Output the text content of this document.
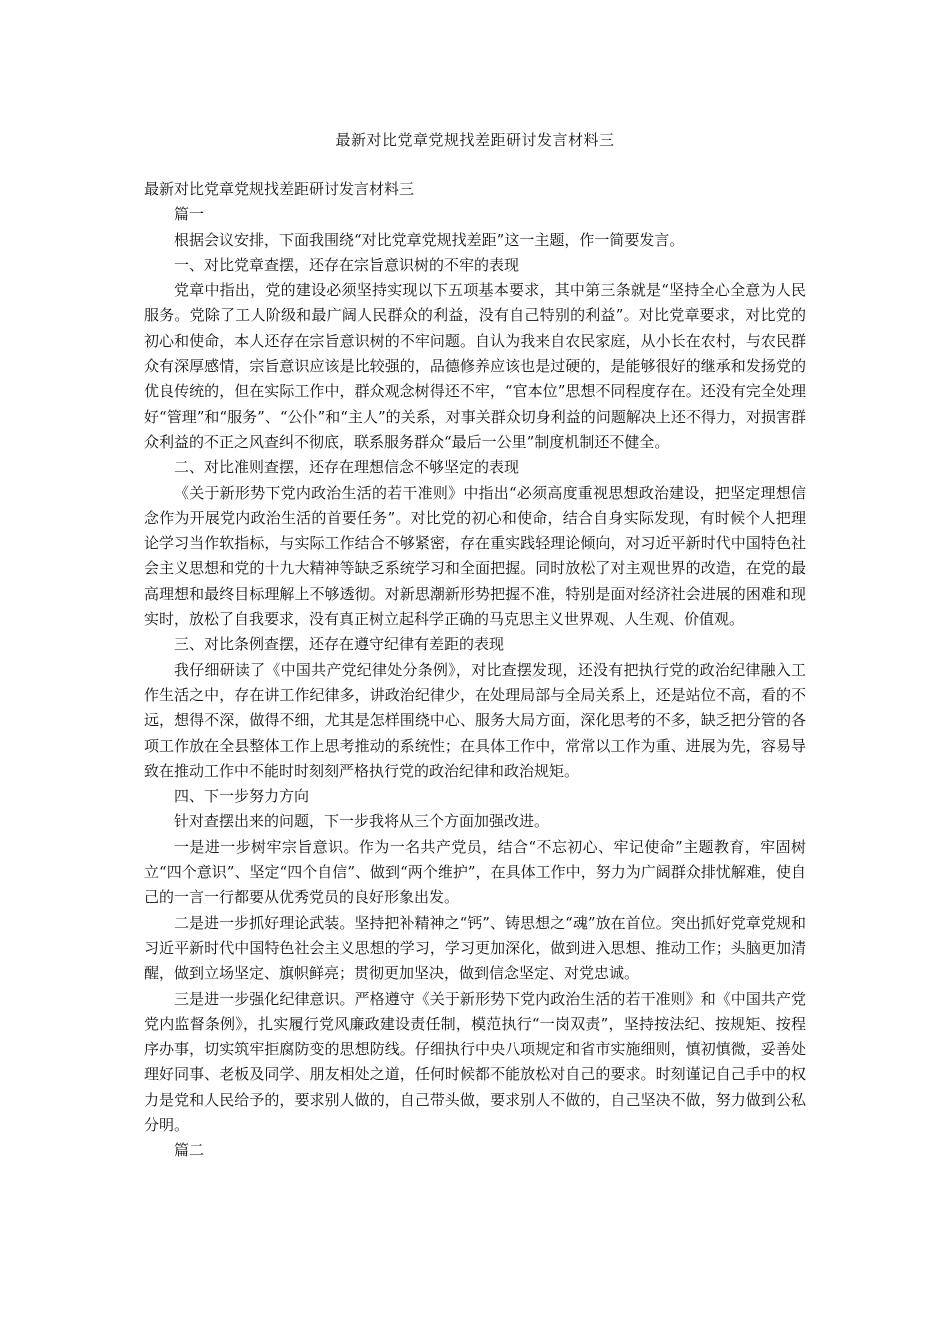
最新对比党章党规找差距研讨发言材料三

最新对比党章党规找差距研讨发言材料三

篇一

根据会议安排，下面我围绕“对比党章党规找差距”这一主题，作一简要发言。

一、对比党章查摆，还存在宗旨意识树的不牢的表现

党章中指出，党的建设必须坚持实现以下五项基本要求，其中第三条就是“坚持全心全意为人民服务。党除了工人阶级和最广阔人民群众的利益，没有自己特别的利益”。对比党章要求，对比党的初心和使命，本人还存在宗旨意识树的不牢问题。自认为我来自农民家庭，从小长在农村，与农民群众有深厚感情，宗旨意识应该是比较强的，品德修养应该也是过硬的，是能够很好的继承和发扬党的优良传统的，但在实际工作中，群众观念树得还不牢，“官本位”思想不同程度存在。还没有完全处理好“管理”和“服务”、“公仆”和“主人”的关系，对事关群众切身利益的问题解决上还不得力，对损害群众利益的不正之风查纠不彻底，联系服务群众“最后一公里”制度机制还不健全。

二、对比准则查摆，还存在理想信念不够坚定的表现

《关于新形势下党内政治生活的若干准则》中指出“必须高度重视思想政治建设，把坚定理想信念作为开展党内政治生活的首要任务”。对比党的初心和使命，结合自身实际发现，有时候个人把理论学习当作软指标，与实际工作结合不够紧密，存在重实践轻理论倾向，对习近平新时代中国特色社会主义思想和党的十九大精神等缺乏系统学习和全面把握。同时放松了对主观世界的改造，在党的最高理想和最终目标理解上不够透彻。对新思潮新形势把握不准，特别是面对经济社会进展的困难和现实时，放松了自我要求，没有真正树立起科学正确的马克思主义世界观、人生观、价值观。

三、对比条例查摆，还存在遵守纪律有差距的表现

我仔细研读了《中国共产党纪律处分条例》，对比查摆发现，还没有把执行党的政治纪律融入工作生活之中，存在讲工作纪律多，讲政治纪律少，在处理局部与全局关系上，还是站位不高，看的不远，想得不深，做得不细，尤其是怎样围绕中心、服务大局方面，深化思考的不多，缺乏把分管的各项工作放在全县整体工作上思考推动的系统性；在具体工作中，常常以工作为重、进展为先，容易导致在推动工作中不能时时刻刻严格执行党的政治纪律和政治规矩。

四、下一步努力方向

针对查摆出来的问题，下一步我将从三个方面加强改进。

一是进一步树牢宗旨意识。作为一名共产党员，结合“不忘初心、牢记使命”主题教育，牢固树立“四个意识”、坚定“四个自信”、做到“两个维护”，在具体工作中，努力为广阔群众排忧解难，使自己的一言一行都要从优秀党员的良好形象出发。

二是进一步抓好理论武装。坚持把补精神之“钙”、铸思想之“魂”放在首位。突出抓好党章党规和习近平新时代中国特色社会主义思想的学习，学习更加深化，做到进入思想、推动工作；头脑更加清醒，做到立场坚定、旗帜鲜亮；贯彻更加坚决，做到信念坚定、对党忠诚。

三是进一步强化纪律意识。严格遵守《关于新形势下党内政治生活的若干准则》和《中国共产党党内监督条例》，扎实履行党风廉政建设责任制，模范执行“一岗双责”，坚持按法纪、按规矩、按程序办事，切实筑牢拒腐防变的思想防线。仔细执行中央八项规定和省市实施细则，慎初慎微，妥善处理好同事、老板及同学、朋友相处之道，任何时候都不能放松对自己的要求。时刻谨记自己手中的权力是党和人民给予的，要求别人做的，自己带头做，要求别人不做的，自己坚决不做，努力做到公私分明。

篇二
